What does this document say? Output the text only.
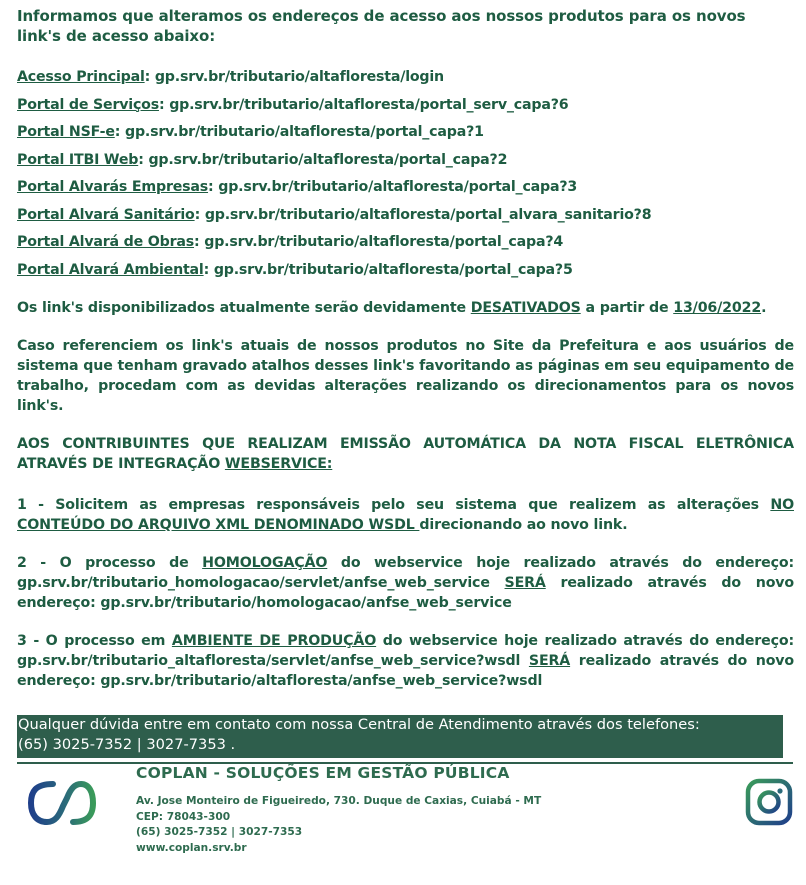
Informamos que alteramos os endereços de acesso aos nossos produtos para os novos link's de acesso abaixo:

Acesso Principal: gp.srv.br/tributario/altafloresta/login
Portal de Serviços: gp.srv.br/tributario/altafloresta/portal_serv_capa?6
Portal NSF-e: gp.srv.br/tributario/altafloresta/portal_capa?1
Portal ITBI Web: gp.srv.br/tributario/altafloresta/portal_capa?2
Portal Alvarás Empresas: gp.srv.br/tributario/altafloresta/portal_capa?3
Portal Alvará Sanitário: gp.srv.br/tributario/altafloresta/portal_alvara_sanitario?8
Portal Alvará de Obras: gp.srv.br/tributario/altafloresta/portal_capa?4
Portal Alvará Ambiental: gp.srv.br/tributario/altafloresta/portal_capa?5

Os link's disponibilizados atualmente serão devidamente DESATIVADOS a partir de 13/06/2022.

Caso referenciem os link's atuais de nossos produtos no Site da Prefeitura e aos usuários de sistema que tenham gravado atalhos desses link's favoritando as páginas em seu equipamento de trabalho, procedam com as devidas alterações realizando os direcionamentos para os novos link's.

AOS CONTRIBUINTES QUE REALIZAM EMISSÃO AUTOMÁTICA DA NOTA FISCAL ELETRÔNICA ATRAVÉS DE INTEGRAÇÃO WEBSERVICE:

1 - Solicitem as empresas responsáveis pelo seu sistema que realizem as alterações NO CONTEÚDO DO ARQUIVO XML DENOMINADO WSDL direcionando ao novo link.

2 - O processo de HOMOLOGAÇÃO do webservice hoje realizado através do endereço: gp.srv.br/tributario_homologacao/servlet/anfse_web_service SERÁ realizado através do novo endereço: gp.srv.br/tributario/homologacao/anfse_web_service

3 - O processo em AMBIENTE DE PRODUÇÃO do webservice hoje realizado através do endereço: gp.srv.br/tributario_altafloresta/servlet/anfse_web_service?wsdl SERÁ realizado através do novo endereço: gp.srv.br/tributario/altafloresta/anfse_web_service?wsdl

Qualquer dúvida entre em contato com nossa Central de Atendimento através dos telefones:
(65) 3025-7352 | 3027-7353 .
COPLAN - SOLUÇÕES EM GESTÃO PÚBLICA
Av. Jose Monteiro de Figueiredo, 730. Duque de Caxias, Cuiabá - MT
CEP: 78043-300
(65) 3025-7352 | 3027-7353
www.coplan.srv.br
